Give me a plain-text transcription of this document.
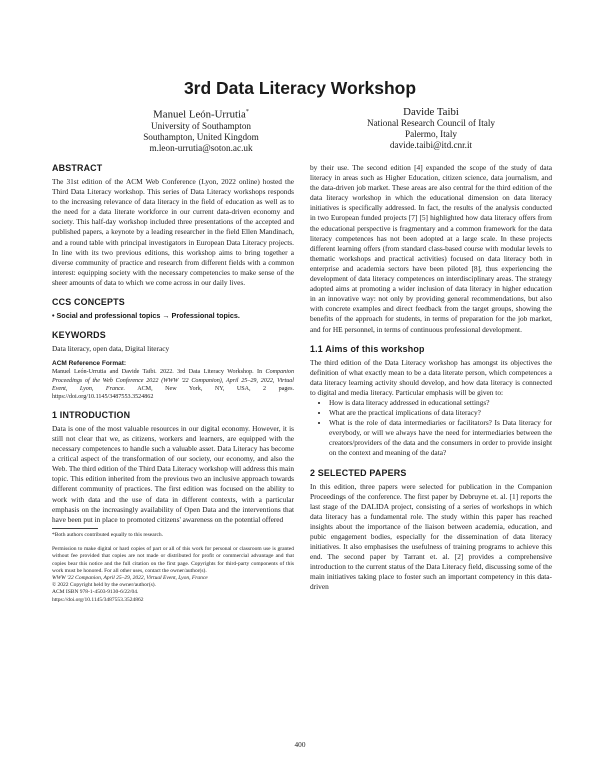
3rd Data Literacy Workshop
Manuel León-Urrutia*
University of Southampton
Southampton, United Kingdom
m.leon-urrutia@soton.ac.uk
Davide Taibi
National Research Council of Italy
Palermo, Italy
davide.taibi@itd.cnr.it
ABSTRACT

The 31st edition of the ACM Web Conference (Lyon, 2022 online) hosted the Third Data Literacy workshop. This series of Data Literacy workshops responds to the increasing relevance of data literacy in the field of education as well as to the need for a data literate workforce in our current data-driven economy and society. This half-day workshop included three presentations of the accepted and published papers, a keynote by a leading researcher in the field Ellen Mandinach, and a round table with principal investigators in European Data Literacy projects. In line with its two previous editions, this workshop aims to bring together a diverse community of practice and research from different fields with a common interest: equipping society with the necessary competencies to make sense of the sheer amounts of data to which we come across in our daily lives.

CCS CONCEPTS
• Social and professional topics → Professional topics.
KEYWORDS

Data literacy, open data, Digital literacy

ACM Reference Format:

Manuel León-Urrutia and Davide Taibi. 2022. 3rd Data Literacy Workshop. In Companion Proceedings of the Web Conference 2022 (WWW '22 Companion), April 25–29, 2022, Virtual Event, Lyon, France. ACM, New York, NY, USA, 2 pages. https://doi.org/10.1145/3487553.3524862

1 INTRODUCTION

Data is one of the most valuable resources in our digital economy. However, it is still not clear that we, as citizens, workers and learners, are equipped with the necessary competences to handle such a valuable asset. Data Literacy has become a critical aspect of the transformation of our society, our economy, and also the Web. The third edition of the Third Data Literacy workshop will address this main topic. This edition inherited from the previous two an inclusive approach towards different community of practices. The first edition was focused on the ability to work with data and the use of data in different contexts, with a particular emphasis on the increasingly availability of Open Data and the interventions that have been put in place to promoted citizens' awareness on the potential offered

*Both authors contributed equally to this research.

Permission to make digital or hard copies of part or all of this work for personal or classroom use is granted without fee provided that copies are not made or distributed for profit or commercial advantage and that copies bear this notice and the full citation on the first page. Copyrights for third-party components of this work must be honored. For all other uses, contact the owner/author(s).

WWW '22 Companion, April 25–29, 2022, Virtual Event, Lyon, France

© 2022 Copyright held by the owner/author(s).

ACM ISBN 978-1-4503-9130-6/22/04.

https://doi.org/10.1145/3487553.3524862

by their use. The second edition [4] expanded the scope of the study of data literacy in areas such as Higher Education, citizen science, data journalism, and the data-driven job market. These areas are also central for the third edition of the data literacy workshop in which the educational dimension on data literacy initiatives is specifically addressed. In fact, the results of the analysis conducted in two European funded projects [7] [5] highlighted how data literacy offers from the educational perspective is fragmentary and a common framework for the data literacy competences has not been adopted at a large scale. In these projects different learning offers (from standard class-based course with modular levels to thematic workshops and practical activities) focused on data literacy both in enterprise and academia sectors have been piloted [8], thus experiencing the development of data literacy competences on interdisciplinary areas. The strategy adopted aims at promoting a wider inclusion of data literacy in higher education in an innovative way: not only by providing general recommendations, but also with concrete examples and direct feedback from the target groups, showing the benefits of the approach for students, in terms of preparation for the job market, and for HE personnel, in terms of continuous professional development.

1.1 Aims of this workshop

The third edition of the Data Literacy workshop has amongst its objectives the definition of what exactly mean to be a data literate person, which competences a data literacy learning activity should develop, and how data literacy is connected to digital and media literacy. Particular emphasis will be given to:

• How is data literacy addressed in educational settings?
• What are the practical implications of data literacy?
• What is the role of data intermediaries or facilitators? Is Data literacy for everybody, or will we always have the need for intermediaries between the creators/providers of the data and the consumers in order to provide insight on the context and meaning of the data?
2 SELECTED PAPERS

In this edition, three papers were selected for publication in the Companion Proceedings of the conference. The first paper by Debruyne et. al. [1] reports the last stage of the DALIDA project, consisting of a series of workshops in which data literacy has a fundamental role. The study within this paper has reached insights about the importance of the liaison between academia, education, and pubic engagement bodies, especially for the dissemination of data literacy initiatives. It also emphasises the usefulness of training programs to achieve this end. The second paper by Tarrant et. al. [2] provides a comprehensive introduction to the current status of the Data Literacy field, discussing some of the main initiatives taking place to foster such an important competency in this data-driven

400
